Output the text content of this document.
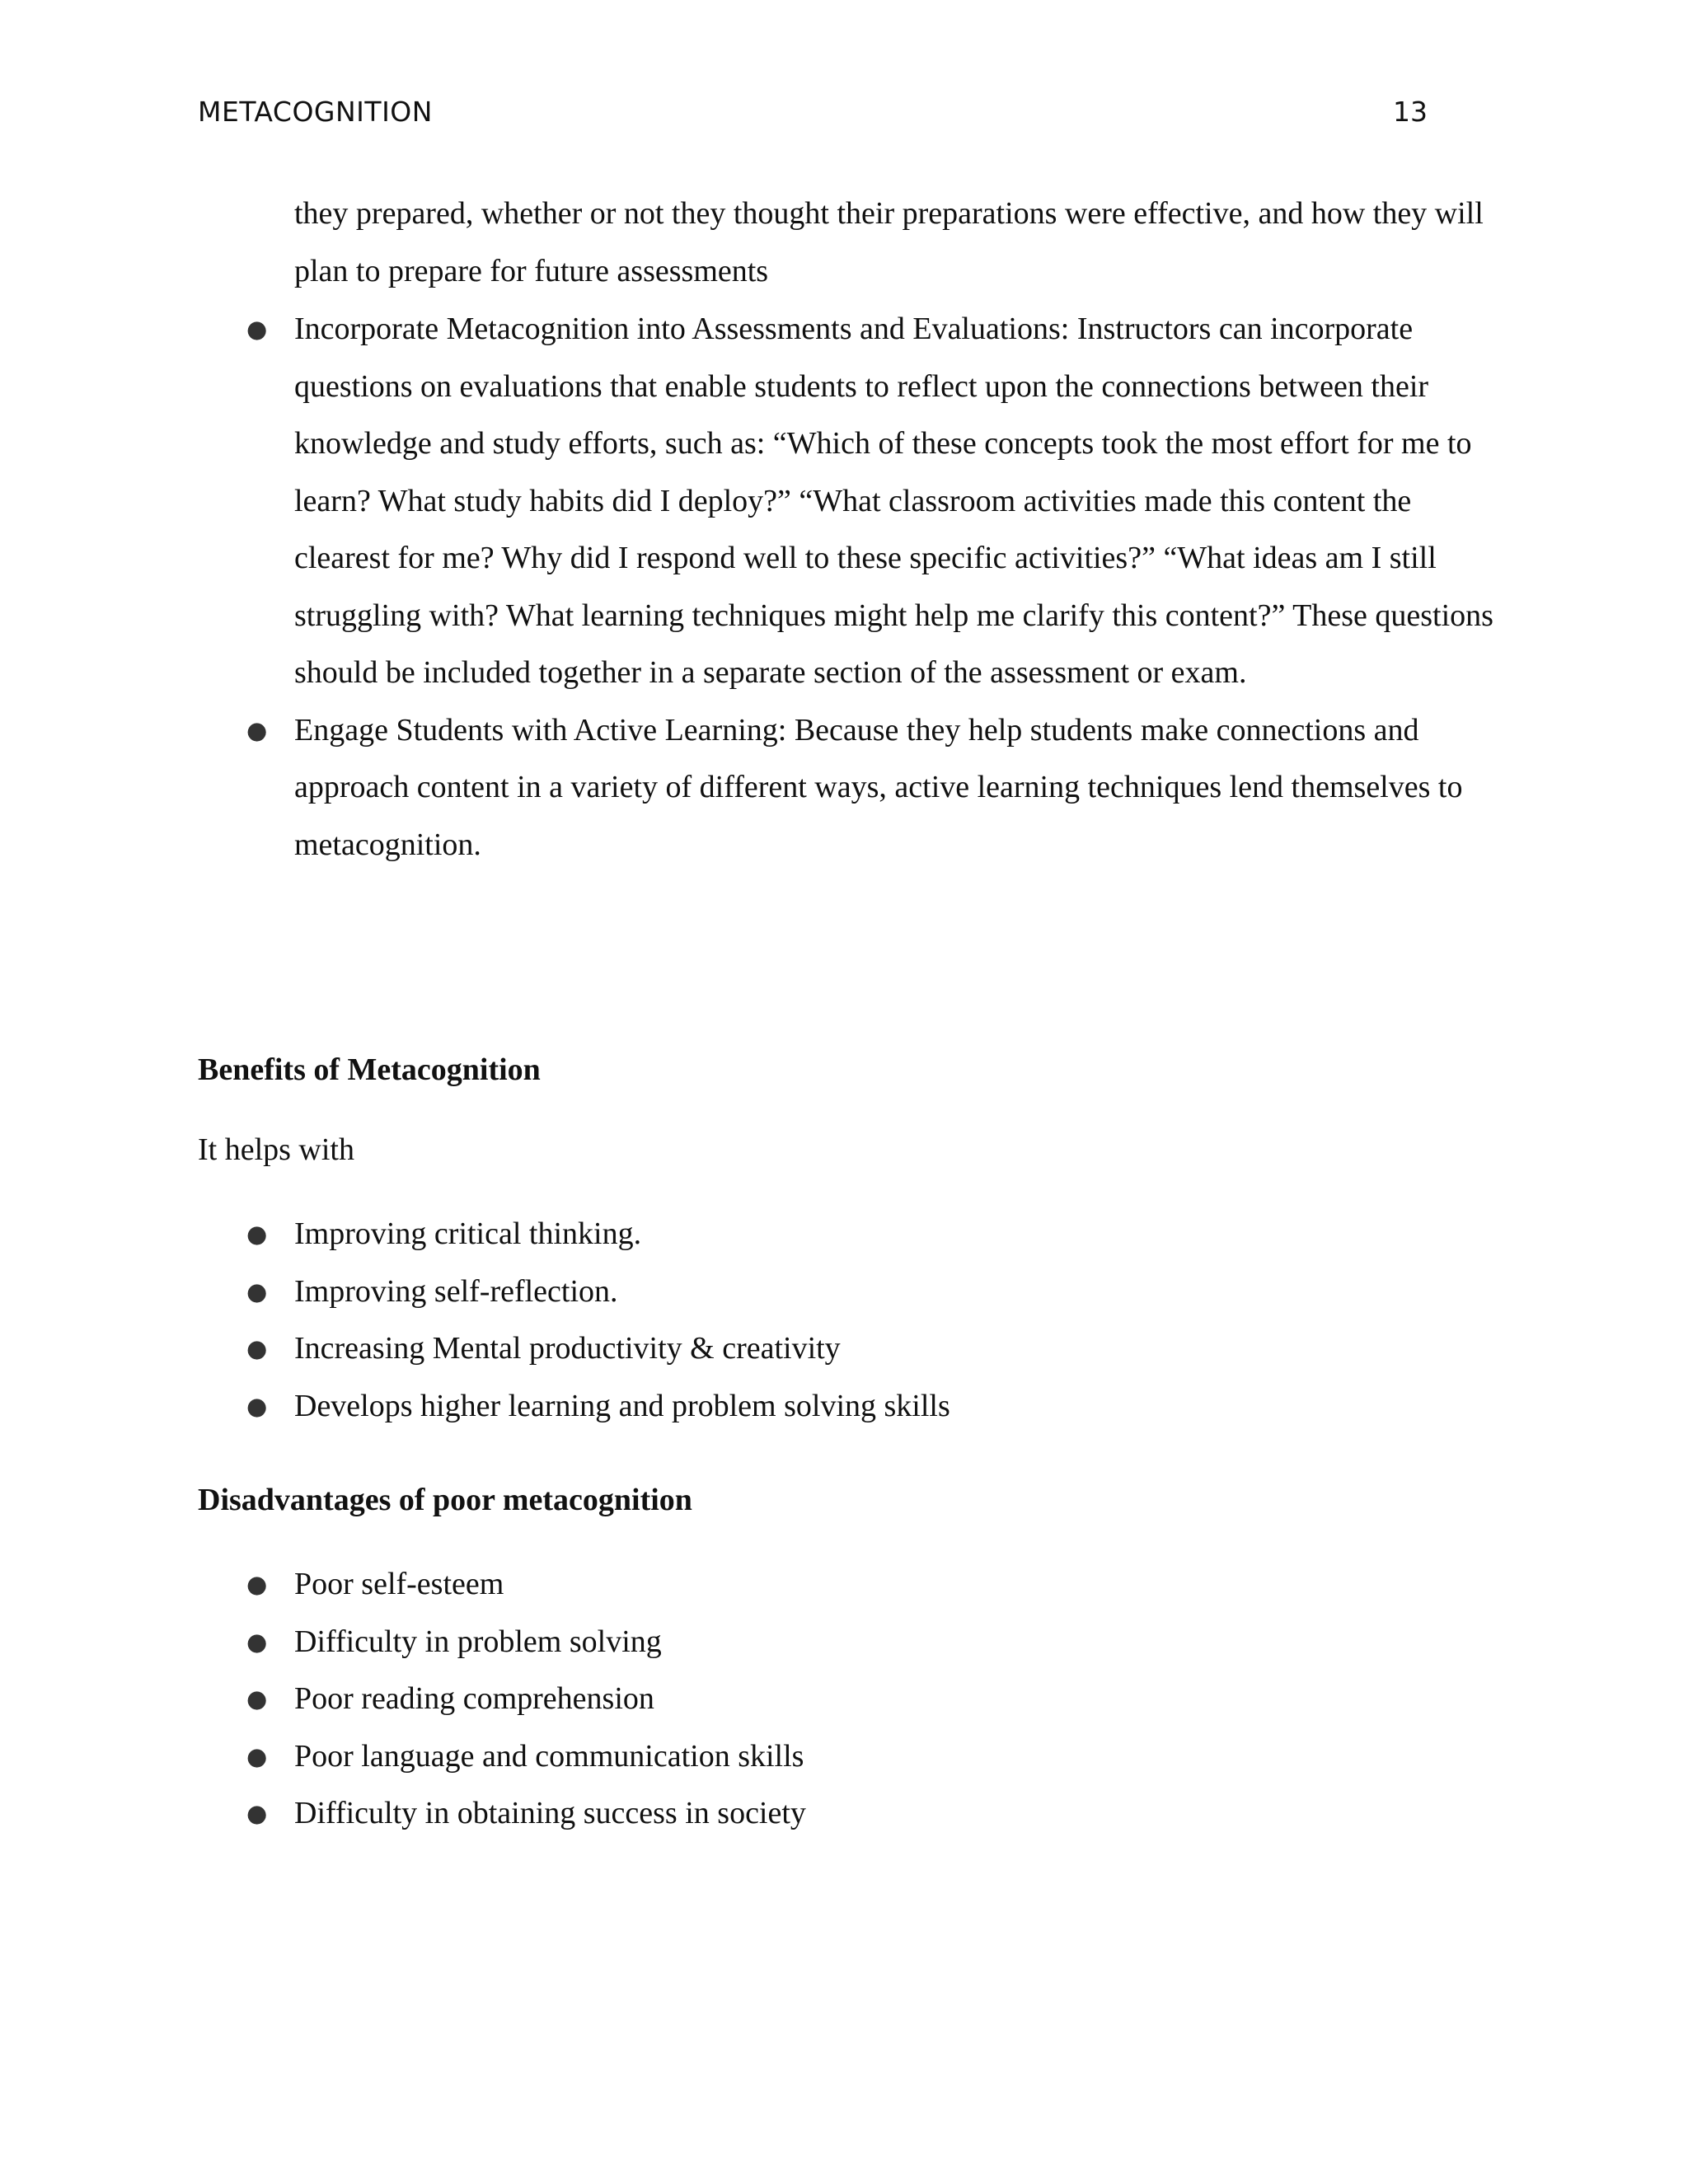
METACOGNITION	13

they prepared, whether or not they thought their preparations were effective, and how they will plan to prepare for future assessments

● Incorporate Metacognition into Assessments and Evaluations: Instructors can incorporate questions on evaluations that enable students to reflect upon the connections between their knowledge and study efforts, such as: “Which of these concepts took the most effort for me to learn? What study habits did I deploy?” “What classroom activities made this content the clearest for me? Why did I respond well to these specific activities?” “What ideas am I still struggling with? What learning techniques might help me clarify this content?” These questions should be included together in a separate section of the assessment or exam.
● Engage Students with Active Learning: Because they help students make connections and approach content in a variety of different ways, active learning techniques lend themselves to metacognition.
Benefits of Metacognition
It helps with
● Improving critical thinking.
● Improving self-reflection.
● Increasing Mental productivity & creativity
● Develops higher learning and problem solving skills
Disadvantages of poor metacognition
● Poor self-esteem
● Difficulty in problem solving
● Poor reading comprehension
● Poor language and communication skills
● Difficulty in obtaining success in society
